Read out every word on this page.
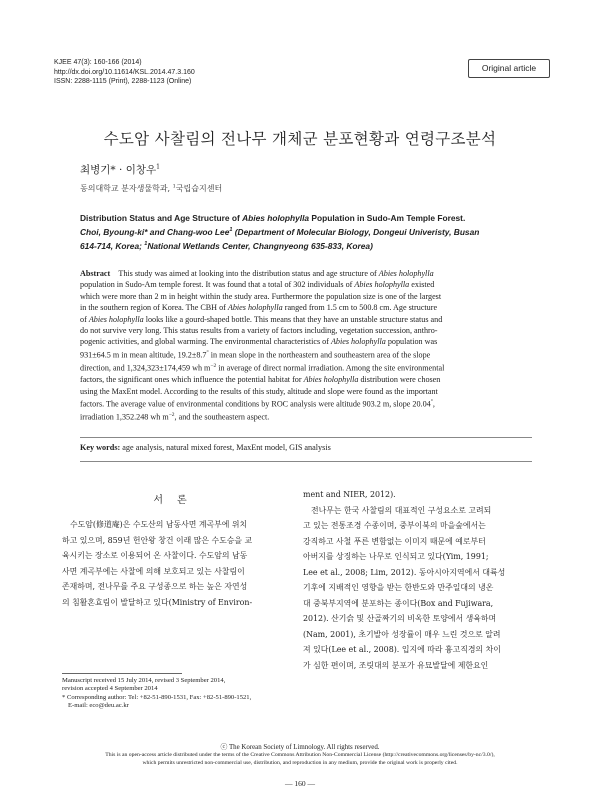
KJEE 47(3): 160-166 (2014)
http://dx.doi.org/10.11614/KSL.2014.47.3.160
ISSN: 2288-1115 (Print), 2288-1123 (Online)
Original article
수도암 사찰림의 전나무 개체군 분포현황과 연령구조분석
최병기* · 이창우$^1$
동의대학교 분자생물학과, $^1$국립습지센터
Distribution Status and Age Structure of Abies holophylla Population in Sudo-Am Temple Forest.
Choi, Byoung-ki* and Chang-woo Lee$^1$ (Department of Molecular Biology, Dongeui Univeristy, Busan
614-714, Korea; $^1$National Wetlands Center, Changnyeong 635-833, Korea)
Abstract This study was aimed at looking into the distribution status and age structure of Abies holophylla
population in Sudo-Am temple forest. It was found that a total of 302 individuals of Abies holophylla existed
which were more than 2 m in height within the study area. Furthermore the population size is one of the largest
in the southern region of Korea. The CBH of Abies holophylla ranged from 1.5 cm to 500.8 cm. Age structure
of Abies holophylla looks like a gourd-shaped bottle. This means that they have an unstable structure status and
do not survive very long. This status results from a variety of factors including, vegetation succession, anthro-
pogenic activities, and global warming. The environmental characteristics of Abies holophylla population was
931±64.5 m in mean altitude, 19.2±8.7° in mean slope in the northeastern and southeastern area of the slope
direction, and 1,324,323±174,459 wh $m^{-2}$ in average of direct normal irradiation. Among the site environmental
factors, the significant ones which influence the potential habitat for Abies holophylla distribution were chosen
using the MaxEnt model. According to the results of this study, altitude and slope were found as the important
factors. The average value of environmental conditions by ROC analysis were altitude 903.2 m, slope 20.04°,
irradiation 1,352.248 wh $m^{-2}$, and the southeastern aspect.
Key words: age analysis, natural mixed forest, MaxEnt model, GIS analysis
서론
수도암(修道庵)은 수도산의 남동사면 계곡부에 위치
하고 있으며, 859년 헌안왕 창건 이래 많은 수도승을 교
육시키는 장소로 이용되어 온 사찰이다. 수도암의 남동
사면 계곡부에는 사찰에 의해 보호되고 있는 사찰림이
존재하며, 전나무를 주요 구성종으로 하는 높은 자연성
의 침활혼효림이 발달하고 있다(Ministry of Environ-
ment and NIER, 2012).
전나무는 한국 사찰림의 대표적인 구성요소로 고려되
고 있는 전통조경 수종이며, 중부이북의 마을숲에서는
강직하고 사철 푸른 변함없는 이미지 때문에 예로부터
아버지를 상징하는 나무로 인식되고 있다(Yim, 1991;
Lee et al., 2008; Lim, 2012). 동아시아지역에서 대륙성
기후에 지배적인 영향을 받는 한반도와 만주일대의 냉온
대 중북부지역에 분포하는 종이다(Box and Fujiwara,
2012). 산기슭 및 산골짜기의 비옥한 토양에서 생육하며
(Nam, 2001), 초기발아 성장률이 매우 느린 것으로 알려
져 있다(Lee et al., 2008). 입지에 따라 흉고직경의 차이
가 심한 편이며, 조릿대의 분포가 유묘발달에 제한요인
Manuscript received 15 July 2014, revised 3 September 2014,
revision accepted 4 September 2014
* Corresponding author: Tel: +82-51-890-1531, Fax: +82-51-890-1521,
E-mail: eco@deu.ac.kr
ⓒ The Korean Society of Limnology. All rights reserved.
This is an open-access article distributed under the terms of the Creative Commons Attribution Non-Commercial License (http://creativecommons.org/licenses/by-nc/3.0/),
which permits unrestricted non-commercial use, distribution, and reproduction in any medium, provide the original work is properly cited.
— 160 —
